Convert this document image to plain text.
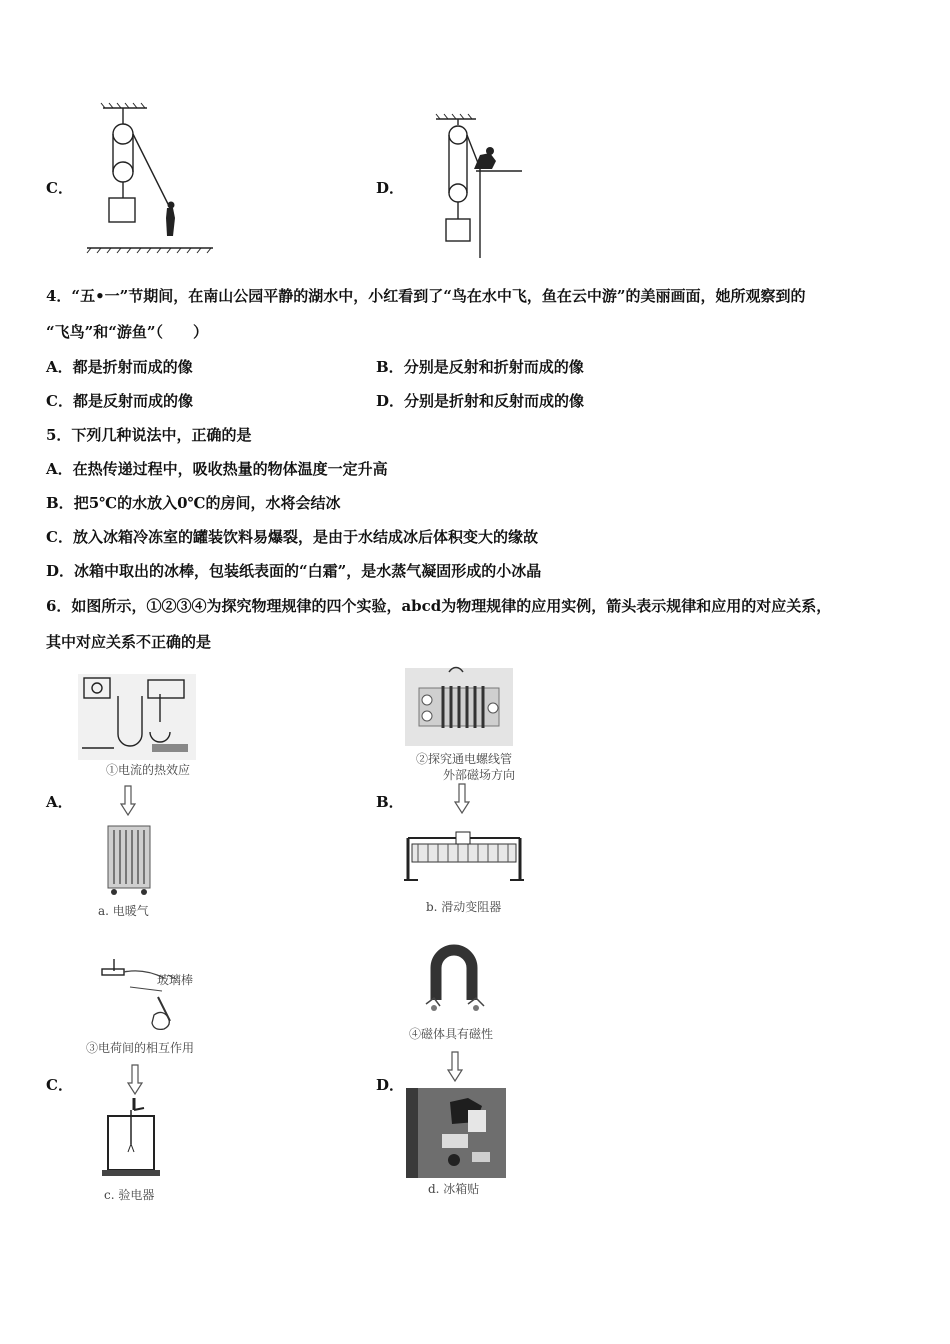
C．	D．
4．“五•一”节期间，在南山公园平静的湖水中，小红看到了“鸟在水中飞，鱼在云中游”的美丽画面，她所观察到的
“飞鸟”和“游鱼”（　　）
A．都是折射而成的像	B．分别是反射和折射而成的像
C．都是反射而成的像	D．分别是折射和反射而成的像
5．下列几种说法中，正确的是
A．在热传递过程中，吸收热量的物体温度一定升高
B．把5℃的水放入0℃的房间，水将会结冰
C．放入冰箱冷冻室的罐装饮料易爆裂，是由于水结成冰后体积变大的缘故
D．冰箱中取出的冰棒，包装纸表面的“白霜”，是水蒸气凝固形成的小冰晶
6．如图所示，①②③④为探究物理规律的四个实验，abcd为物理规律的应用实例，箭头表示规律和应用的对应关系，
其中对应关系不正确的是
①电流的热效应
A．
a. 电暖气
②探究通电螺线管
外部磁场方向
B．
b. 滑动变阻器
玻璃棒
③电荷间的相互作用
C．
c. 验电器
④磁体具有磁性
D．
d. 冰箱贴
